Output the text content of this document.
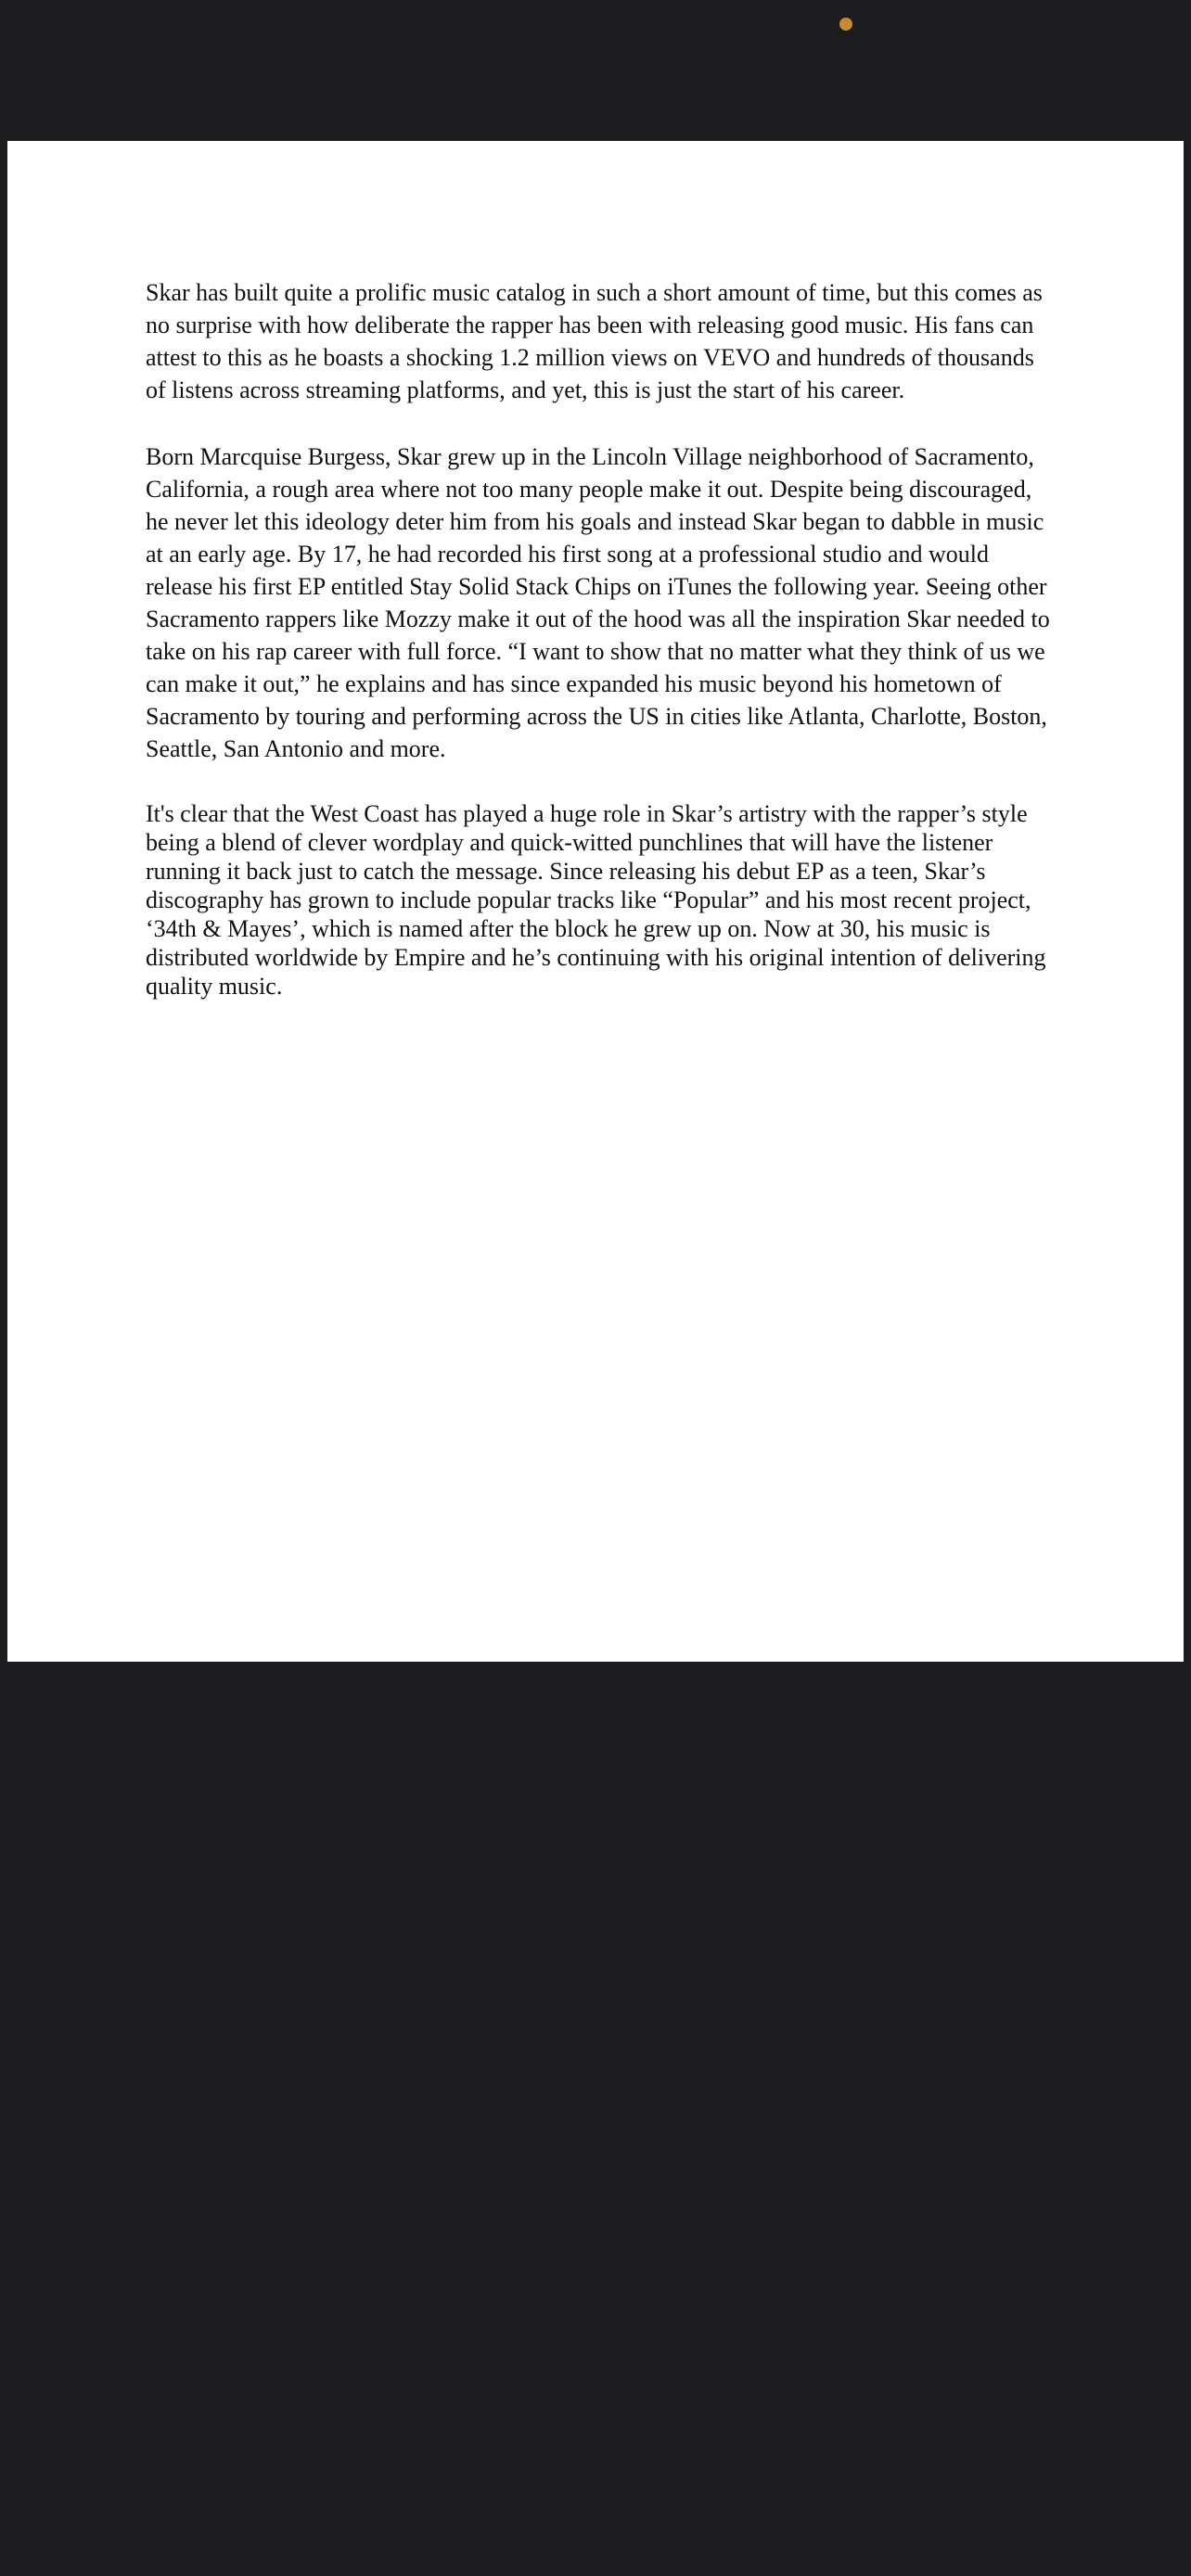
Skar has built quite a prolific music catalog in such a short amount of time, but this comes as no surprise with how deliberate the rapper has been with releasing good music. His fans can attest to this as he boasts a shocking 1.2 million views on VEVO and hundreds of thousands of listens across streaming platforms, and yet, this is just the start of his career.

Born Marcquise Burgess, Skar grew up in the Lincoln Village neighborhood of Sacramento, California, a rough area where not too many people make it out. Despite being discouraged, he never let this ideology deter him from his goals and instead Skar began to dabble in music at an early age. By 17, he had recorded his first song at a professional studio and would release his first EP entitled Stay Solid Stack Chips on iTunes the following year. Seeing other Sacramento rappers like Mozzy make it out of the hood was all the inspiration Skar needed to take on his rap career with full force. “I want to show that no matter what they think of us we can make it out,” he explains and has since expanded his music beyond his hometown of Sacramento by touring and performing across the US in cities like Atlanta, Charlotte, Boston, Seattle, San Antonio and more.

It's clear that the West Coast has played a huge role in Skar’s artistry with the rapper’s style being a blend of clever wordplay and quick-witted punchlines that will have the listener running it back just to catch the message. Since releasing his debut EP as a teen, Skar’s discography has grown to include popular tracks like “Popular” and his most recent project, ‘34th & Mayes’, which is named after the block he grew up on. Now at 30, his music is distributed worldwide by Empire and he’s continuing with his original intention of delivering quality music.
